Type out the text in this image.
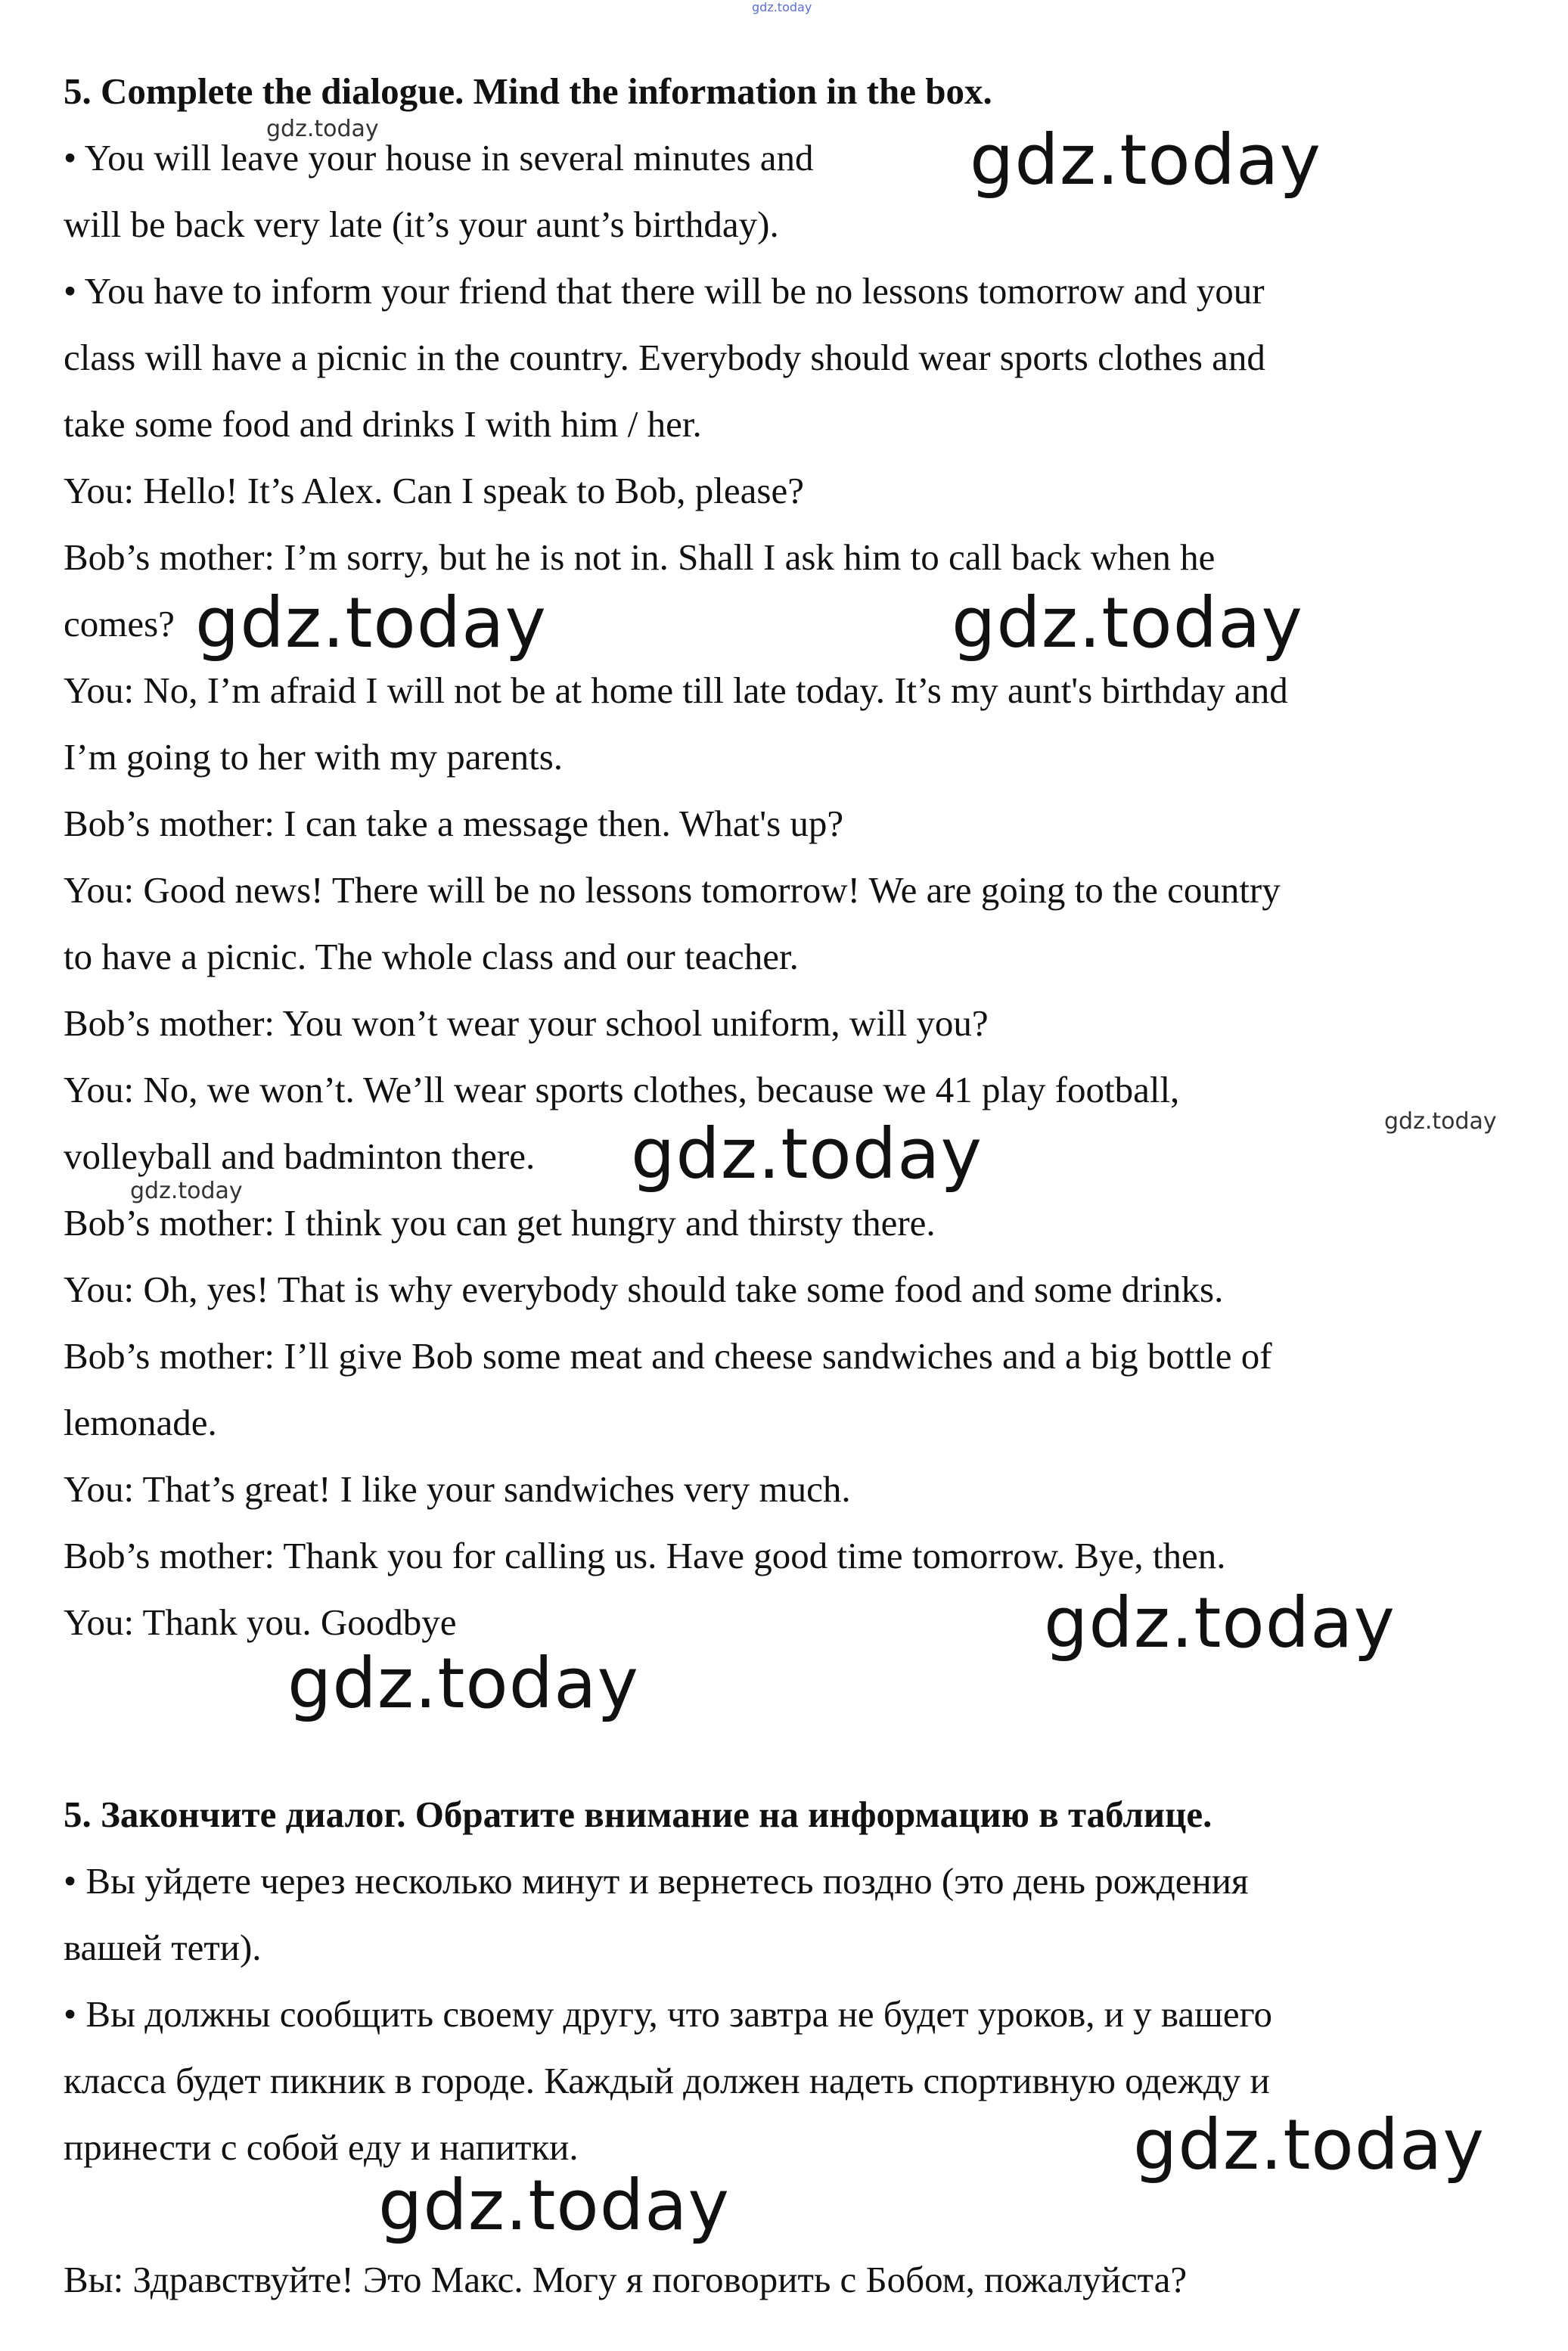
gdz.today
5. Complete the dialogue. Mind the information in the box.
• You will leave your house in several minutes and
will be back very late (it’s your aunt’s birthday).
• You have to inform your friend that there will be no lessons tomorrow and your
class will have a picnic in the country. Everybody should wear sports clothes and
take some food and drinks I with him / her.
You: Hello! It’s Alex. Can I speak to Bob, please?
Bob’s mother: I’m sorry, but he is not in. Shall I ask him to call back when he
comes?
You: No, I’m afraid I will not be at home till late today. It’s my aunt's birthday and
I’m going to her with my parents.
Bob’s mother: I can take a message then. What's up?
You: Good news! There will be no lessons tomorrow! We are going to the country
to have a picnic. The whole class and our teacher.
Bob’s mother: You won’t wear your school uniform, will you?
You: No, we won’t. We’ll wear sports clothes, because we 41 play football,
volleyball and badminton there.
Bob’s mother: I think you can get hungry and thirsty there.
You: Oh, yes! That is why everybody should take some food and some drinks.
Bob’s mother: I’ll give Bob some meat and cheese sandwiches and a big bottle of
lemonade.
You: That’s great! I like your sandwiches very much.
Bob’s mother: Thank you for calling us. Have good time tomorrow. Bye, then.
You: Thank you. Goodbye
5. Закончите диалог. Обратите внимание на информацию в таблице.
• Вы уйдете через несколько минут и вернетесь поздно (это день рождения
вашей тети).
• Вы должны сообщить своему другу, что завтра не будет уроков, и у вашего
класса будет пикник в городе. Каждый должен надеть спортивную одежду и
принести с собой еду и напитки.
Вы: Здравствуйте! Это Макс. Могу я поговорить с Бобом, пожалуйста?
gdz.today	gdz.today
gdz.today	gdz.today
gdz.today
gdz.today
gdz.today
gdz.today
gdz.today
gdz.today
gdz.today
